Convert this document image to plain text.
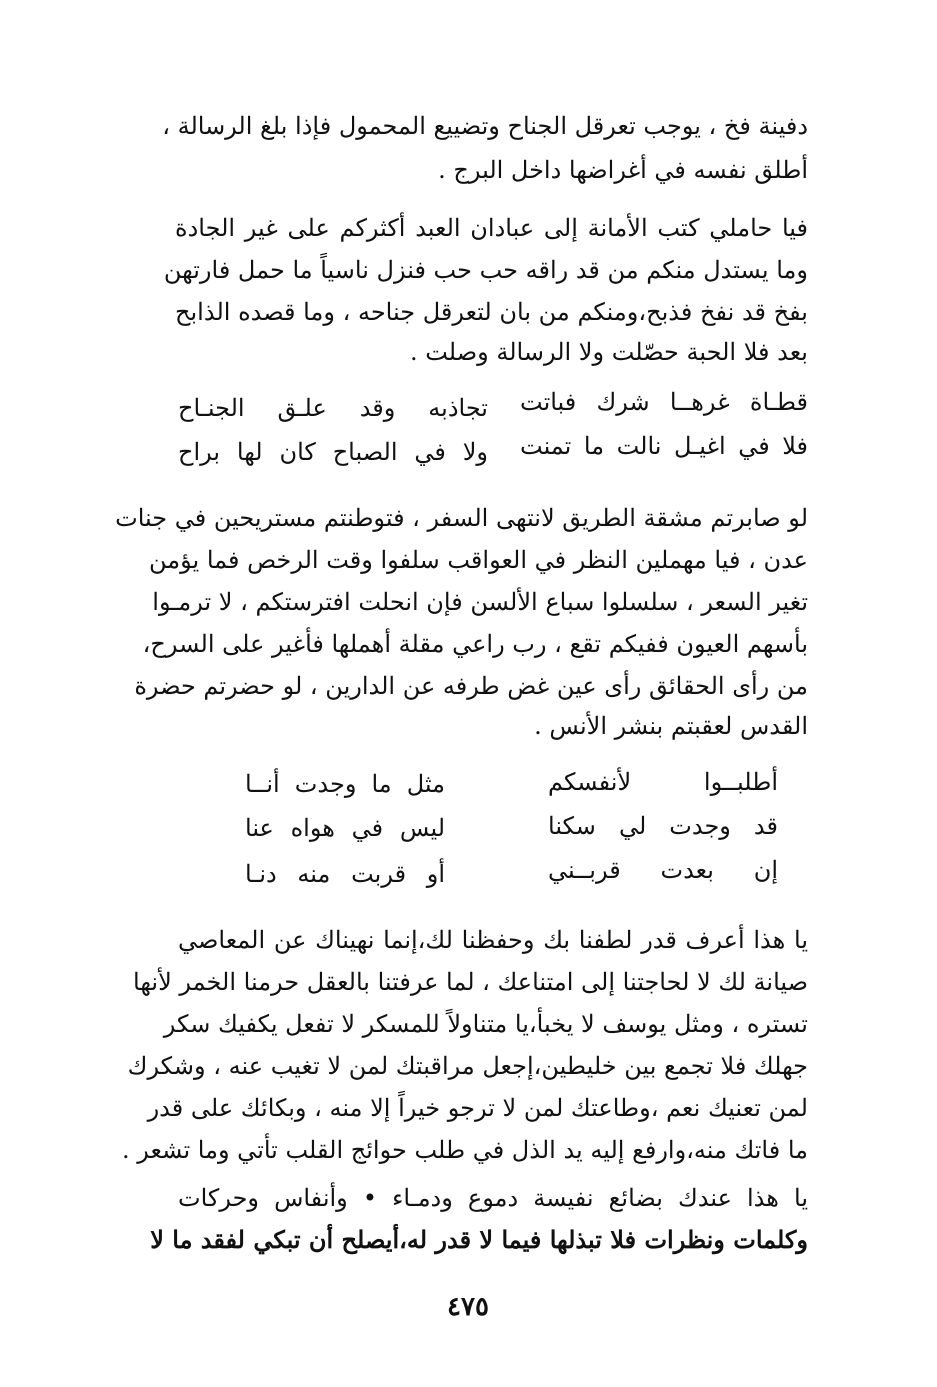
دفينة فخ ، يوجب تعرقل الجناح وتضييع المحمول فإذا بلغ الرسالة ،
أطلق نفسه في أغراضها داخل البرج .
فيا حاملي كتب الأمانة إلى عبادان العبد أكثركم على غير الجادة
وما يستدل منكم من قد راقه حب حب فنزل ناسياً ما حمل فارتهن
بفخ قد نفخ فذبح،ومنكم من بان لتعرقل جناحه ، وما قصده الذابح
بعد فلا الحبة حصّلت ولا الرسالة وصلت .
قطـاة غرهــا شرك فباتت
تجاذبه وقد علـق الجنـاح
فلا في اغيـل نالت ما تمنت
ولا في الصباح كان لها براح
لو صابرتم مشقة الطريق لانتهى السفر ، فتوطنتم مستريحين في جنات
عدن ، فيا مهملين النظر في العواقب سلفوا وقت الرخص فما يؤمن
تغير السعر ، سلسلوا سباع الألسن فإن انحلت افترستكم ، لا ترمـوا
بأسهم العيون ففيكم تقع ، رب راعي مقلة أهملها فأغير على السرح،
من رأى الحقائق رأى عين غض طرفه عن الدارين ، لو حضرتم حضرة
القدس لعقبتم بنشر الأنس .
أطلبــوا لأنفسكم
مثل ما وجدت أنــا
قد وجدت لي سكنا
ليس في هواه عنا
إن بعدت قربــني
أو قربت منه دنـا
يا هذا أعرف قدر لطفنا بك وحفظنا لك،إنما نهيناك عن المعاصي
صيانة لك لا لحاجتنا إلى امتناعك ، لما عرفتنا بالعقل حرمنا الخمر لأنها
تستره ، ومثل يوسف لا يخبأ،يا متناولاً للمسكر لا تفعل يكفيك سكر
جهلك فلا تجمع بين خليطين،إجعل مراقبتك لمن لا تغيب عنه ، وشكرك
لمن تعنيك نعم ،وطاعتك لمن لا ترجو خيراً إلا منه ، وبكائك على قدر
ما فاتك منه،وارفع إليه يد الذل في طلب حوائج القلب تأتي وما تشعر .
يا هذا عندك بضائع نفيسة دموع ودمـاء • وأنفاس وحركات
وكلمات ونظرات فلا تبذلها فيما لا قدر له،أيصلح أن تبكي لفقد ما لا
٤٧٥
